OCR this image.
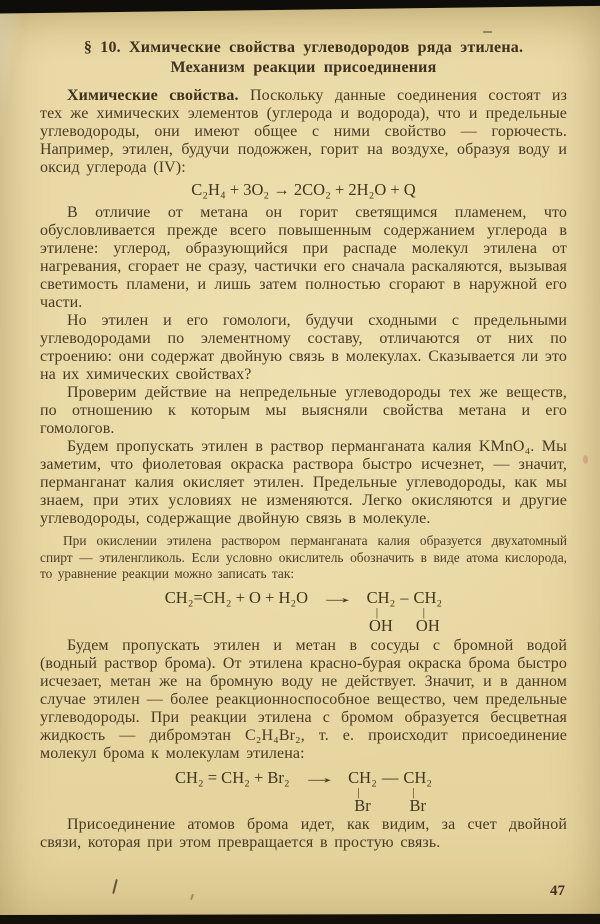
§ 10. Химические свойства углеводородов ряда этилена.
Механизм реакции присоединения

Химические свойства. Поскольку данные соединения состоят из тех же химических элементов (углерода и водорода), что и предельные углеводороды, они имеют общее с ними свойство — горючесть. Например, этилен, будучи подожжен, горит на воздухе, образуя воду и оксид углерода (IV):

C₂H₄ + 3O₂ → 2CO₂ + 2H₂O + Q

В отличие от метана он горит светящимся пламенем, что обусловливается прежде всего повышенным содержанием углерода в этилене: углерод, образующийся при распаде молекул этилена от нагревания, сгорает не сразу, частички его сначала раскаляются, вызывая светимость пламени, и лишь затем полностью сгорают в наружной его части.

Но этилен и его гомологи, будучи сходными с предельными углеводородами по элементному составу, отличаются от них по строению: они содержат двойную связь в молекулах. Сказывается ли это на их химических свойствах?

Проверим действие на непредельные углеводороды тех же веществ, по отношению к которым мы выясняли свойства метана и его гомологов.

Будем пропускать этилен в раствор перманганата калия KMnO₄. Мы заметим, что фиолетовая окраска раствора быстро исчезнет, — значит, перманганат калия окисляет этилен. Предельные углеводороды, как мы знаем, при этих условиях не изменяются. Легко окисляются и другие углеводороды, содержащие двойную связь в молекуле.

При окислении этилена раствором перманганата калия образуется двухатомный спирт — этиленгликоль. Если условно окислитель обозначить в виде атома кислорода, то уравнение реакции можно записать так:

CH₂=CH₂ + O + H₂O → CH₂ – CH₂
|	|
OH OH

Будем пропускать этилен и метан в сосуды с бромной водой (водный раствор брома). От этилена красно-бурая окраска брома быстро исчезает, метан же на бромную воду не действует. Значит, и в данном случае этилен — более реакционноспособное вещество, чем предельные углеводороды. При реакции этилена с бромом образуется бесцветная жидкость — дибромэтан C₂H₄Br₂, т. е. происходит присоединение молекул брома к молекулам этилена:

CH₂ = CH₂ + Br₂ → CH₂ — CH₂
|	|
Br	Br

Присоединение атомов брома идет, как видим, за счет двойной связи, которая при этом превращается в простую связь.

47
